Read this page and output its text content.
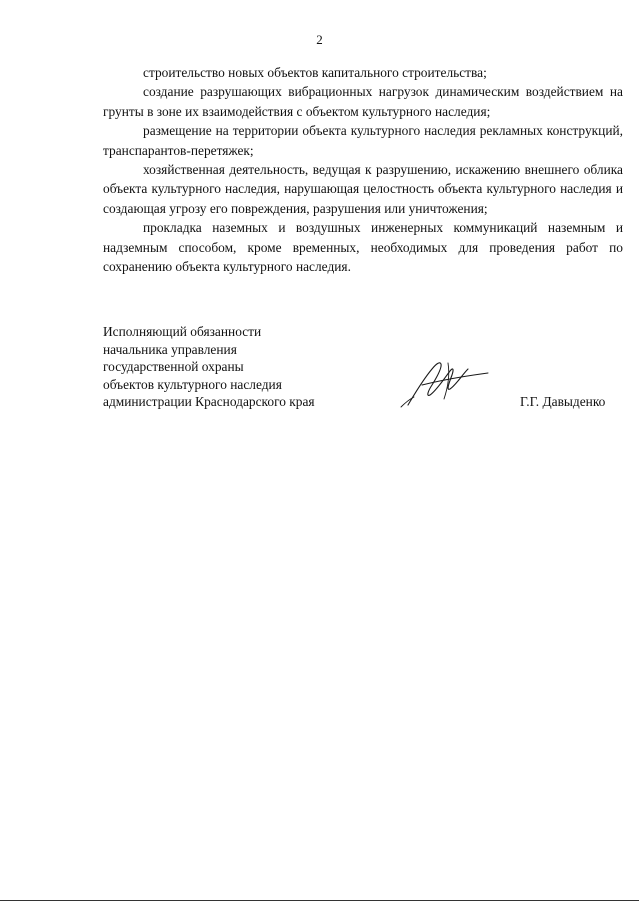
2

строительство новых объектов капитального строительства;

создание разрушающих вибрационных нагрузок динамическим воздействием на грунты в зоне их взаимодействия с объектом культурного наследия;

размещение на территории объекта культурного наследия рекламных конструкций, транспарантов-перетяжек;

хозяйственная деятельность, ведущая к разрушению, искажению внешнего облика объекта культурного наследия, нарушающая целостность объекта культурного наследия и создающая угрозу его повреждения, разрушения или уничтожения;

прокладка наземных и воздушных инженерных коммуникаций наземным и надземным способом, кроме временных, необходимых для проведения работ по сохранению объекта культурного наследия.

Исполняющий обязанности
начальника управления
государственной охраны
объектов культурного наследия
администрации Краснодарского края	Г.Г. Давыденко
